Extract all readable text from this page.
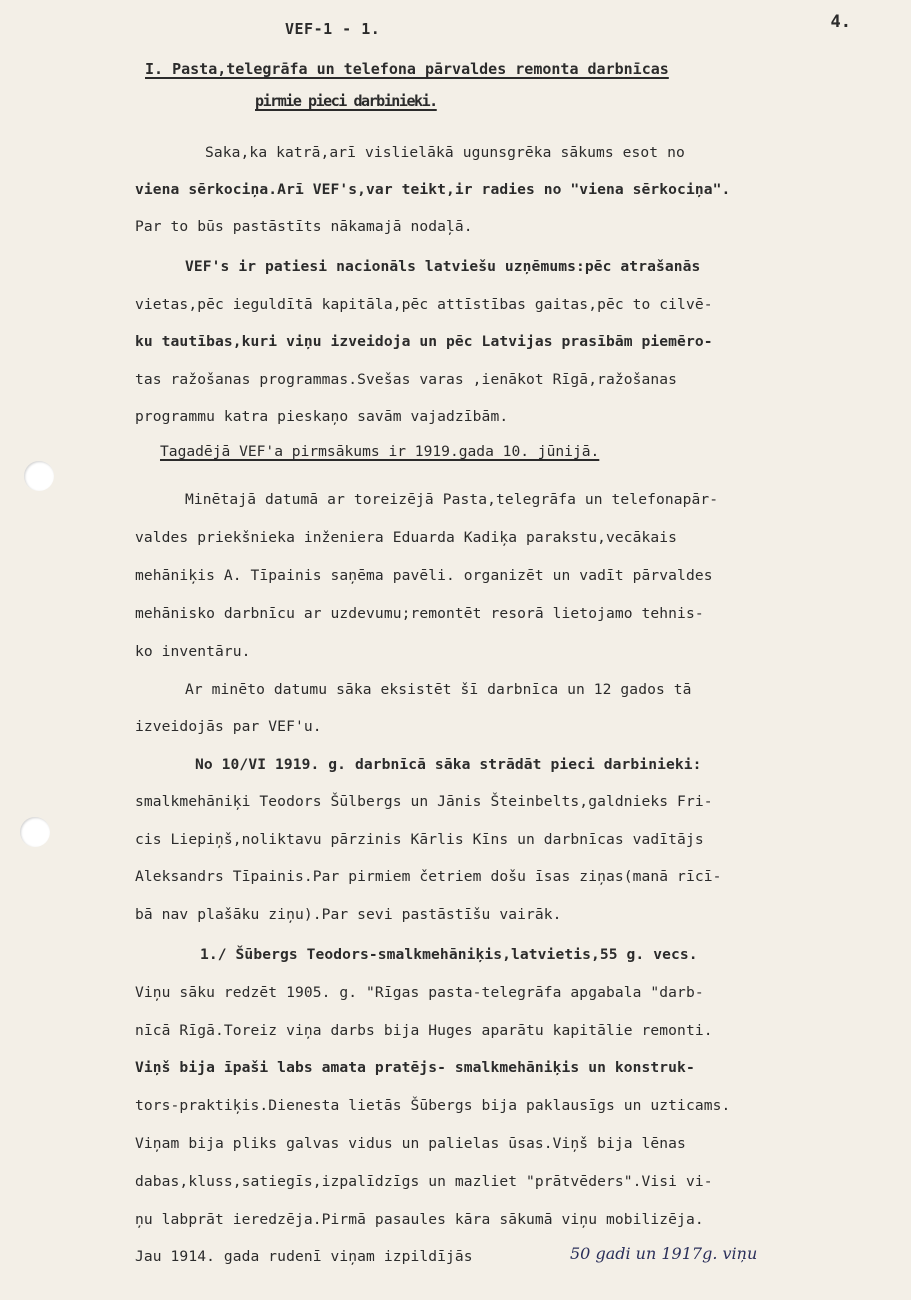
VEF-1 - 1.	4.
I. Pasta,telegrāfa un telefona pārvaldes remonta darbnīcas
pirmie pieci darbinieki.
Saka,ka katrā,arī vislielākā ugunsgrēka sākums esot no
viena sērkociņa.Arī VEF's,var teikt,ir radies no "viena sērkociņa".
Par to būs pastāstīts nākamajā nodaļā.
VEF's ir patiesi nacionāls latviešu uzņēmums:pēc atrašanās
vietas,pēc ieguldītā kapitāla,pēc attīstības gaitas,pēc to cilvē-
ku tautības,kuri viņu izveidoja un pēc Latvijas prasībām piemēro-
tas ražošanas programmas.Svešas varas ,ienākot Rīgā,ražošanas
programmu katra pieskaņo savām vajadzībām.
Tagadējā VEF'a pirmsākums ir 1919.gada 10. jūnijā.
Minētajā datumā ar toreizējā Pasta,telegrāfa un telefonapār-
valdes priekšnieka inženiera Eduarda Kadiķa parakstu,vecākais
mehāniķis A. Tīpainis saņēma pavēli. organizēt un vadīt pārvaldes
mehānisko darbnīcu ar uzdevumu;remontēt resorā lietojamo tehnis-
ko inventāru.
Ar minēto datumu sāka eksistēt šī darbnīca un 12 gados tā
izveidojās par VEF'u.
No 10/VI 1919. g. darbnīcā sāka strādāt pieci darbinieki:
smalkmehāniķi Teodors Šūlbergs un Jānis Šteinbelts,galdnieks Fri-
cis Liepiņš,noliktavu pārzinis Kārlis Kīns un darbnīcas vadītājs
Aleksandrs Tīpainis.Par pirmiem četriem došu īsas ziņas(manā rīcī-
bā nav plašāku ziņu).Par sevi pastāstīšu vairāk.
1./ Šūbergs Teodors-smalkmehāniķis,latvietis,55 g. vecs.
Viņu sāku redzēt 1905. g. "Rīgas pasta-telegrāfa apgabala "darb-
nīcā Rīgā.Toreiz viņa darbs bija Huges aparātu kapitālie remonti.
Viņš bija īpaši labs amata pratējs- smalkmehāniķis un konstruk-
tors-praktiķis.Dienesta lietās Šūbergs bija paklausīgs un uzticams.
Viņam bija pliks galvas vidus un palielas ūsas.Viņš bija lēnas
dabas,kluss,satiegīs,izpalīdzīgs un mazliet "prātvēders".Visi vi-
ņu labprāt ieredzēja.Pirmā pasaules kāra sākumā viņu mobilizēja.
Jau 1914. gada rudenī viņam izpildījās	50 gadi un 1917g. viņu
